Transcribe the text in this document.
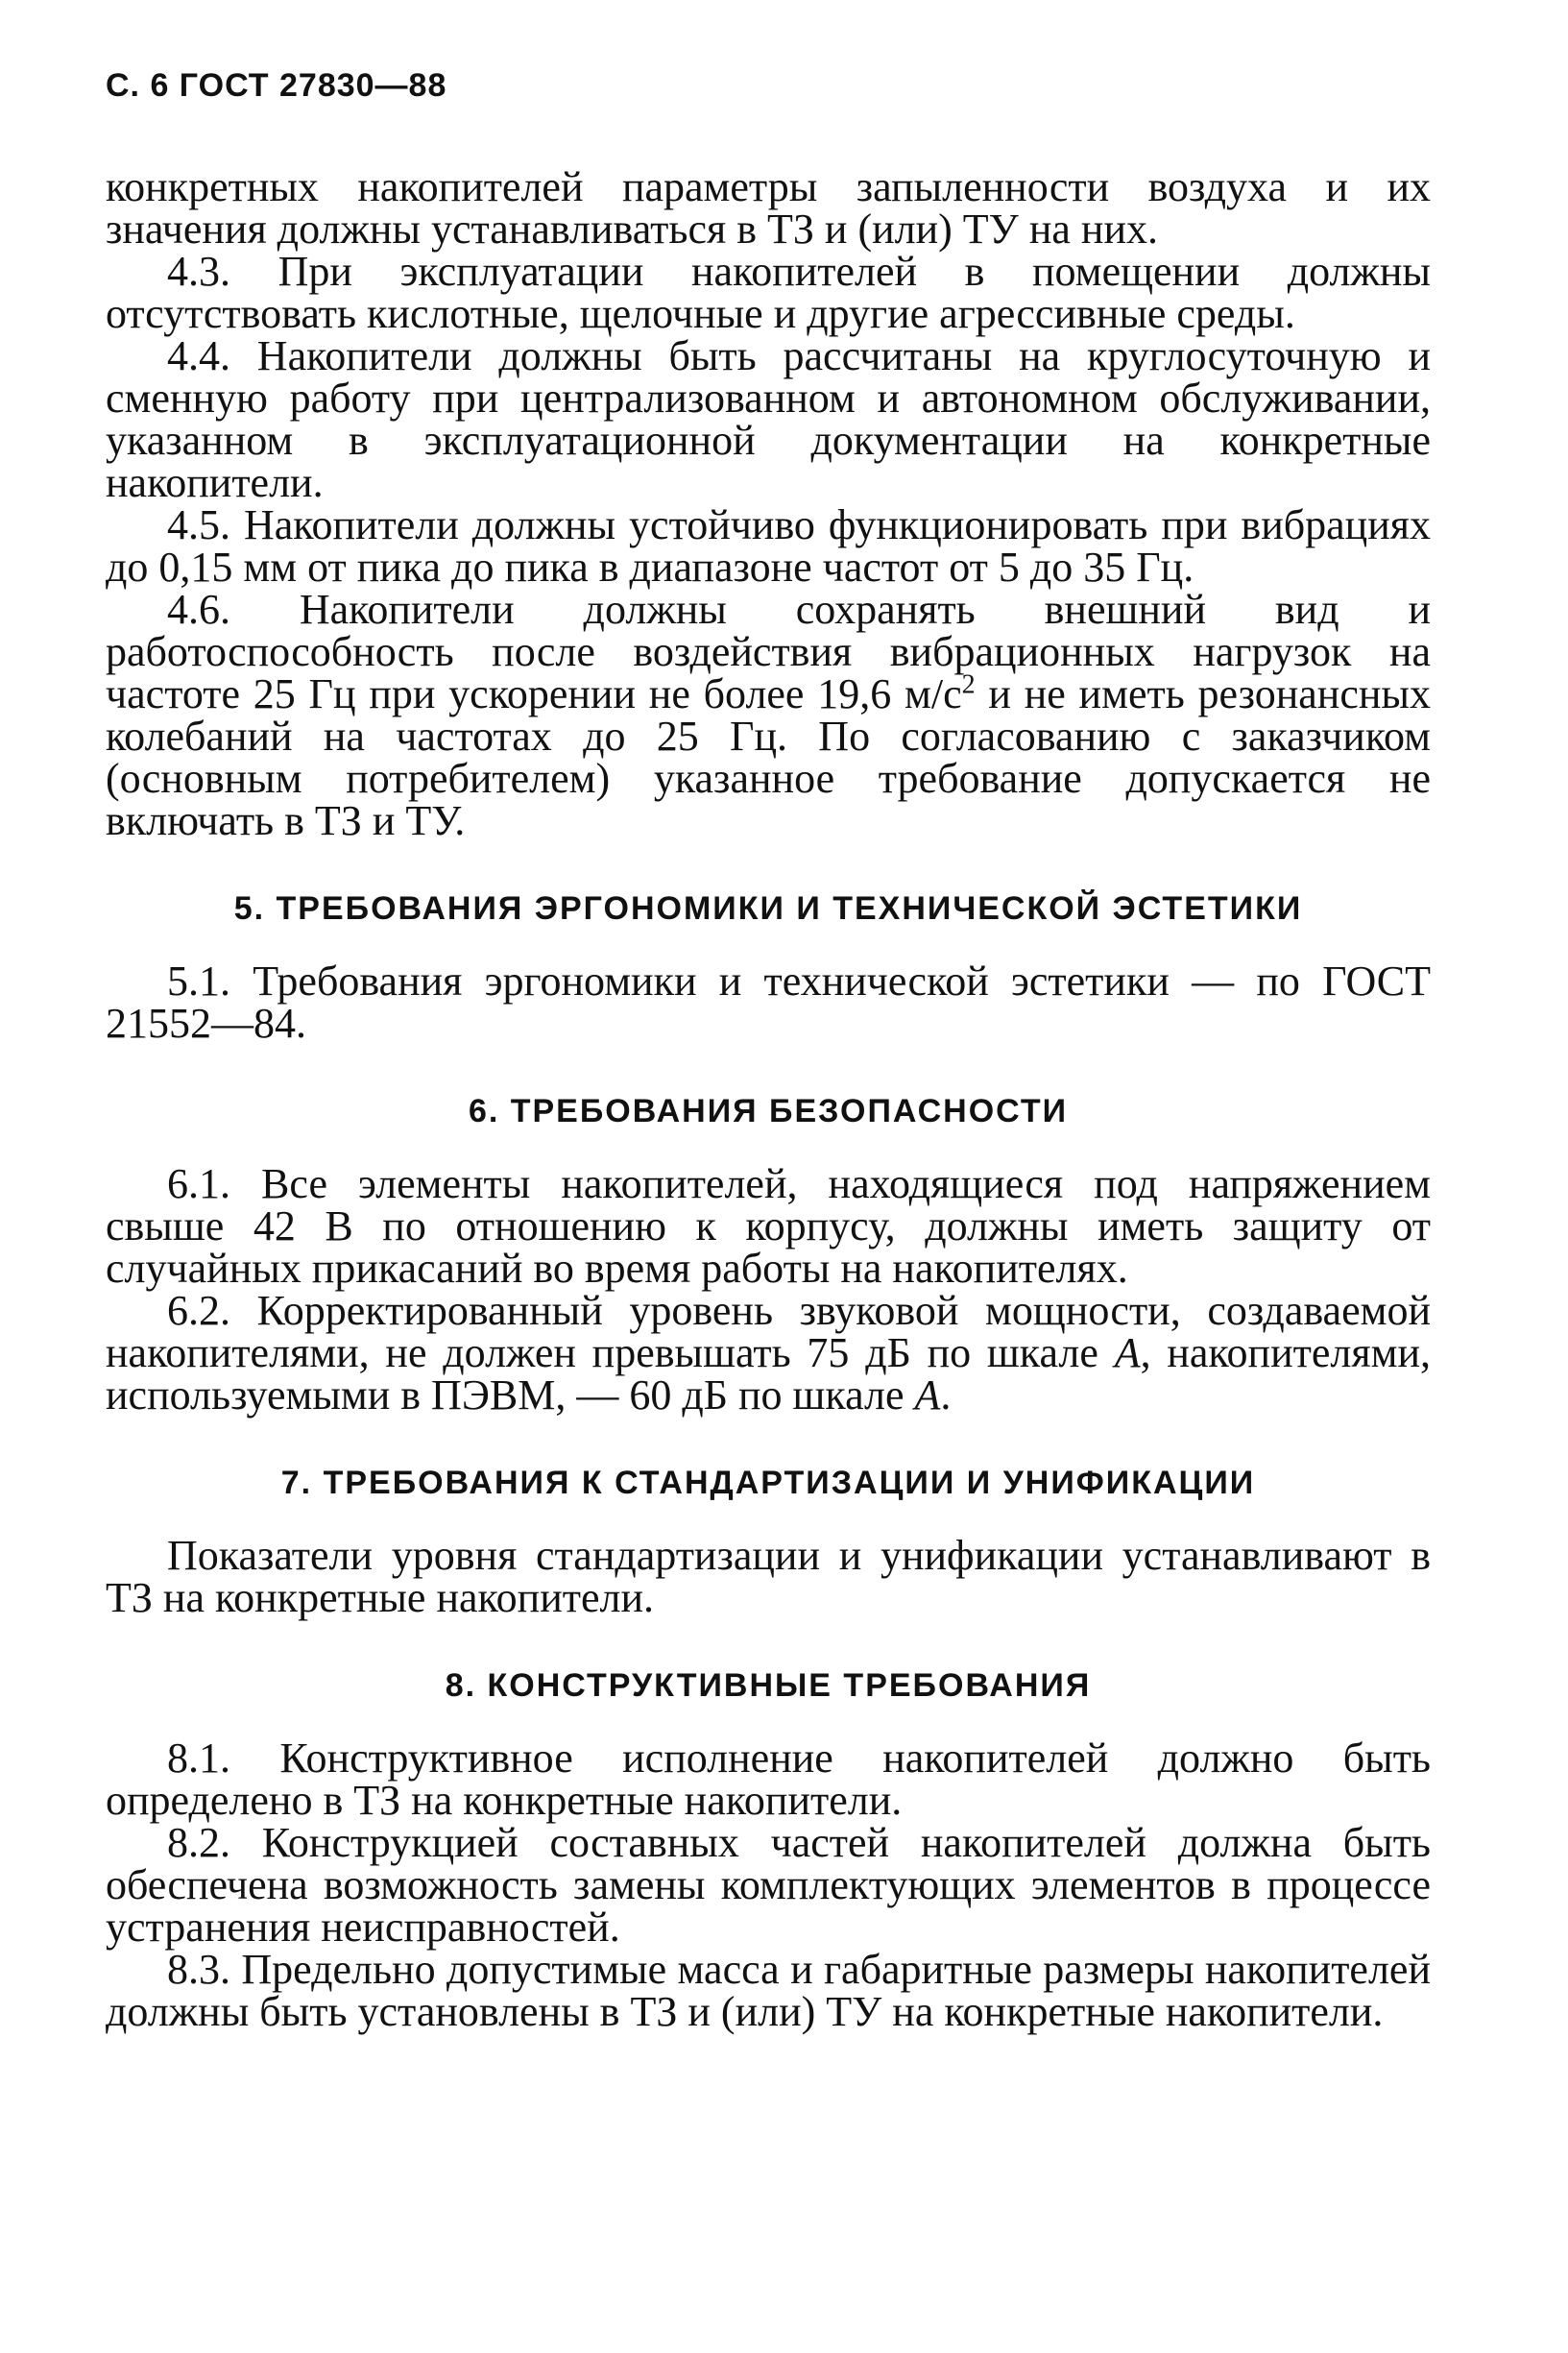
С. 6 ГОСТ 27830—88

конкретных накопителей параметры запыленности воздуха и их значения должны устанавливаться в ТЗ и (или) ТУ на них.

4.3. При эксплуатации накопителей в помещении должны отсутствовать кислотные, щелочные и другие агрессивные среды.

4.4. Накопители должны быть рассчитаны на круглосуточную и сменную работу при централизованном и автономном обслуживании, указанном в эксплуатационной документации на конкретные накопители.

4.5. Накопители должны устойчиво функционировать при вибрациях до 0,15 мм от пика до пика в диапазоне частот от 5 до 35 Гц.

4.6. Накопители должны сохранять внешний вид и работоспособность после воздействия вибрационных нагрузок на частоте 25 Гц при ускорении не более 19,6 $м/с^2$ и не иметь резонансных колебаний на частотах до 25 Гц. По согласованию с заказчиком (основным потребителем) указанное требование допускается не включать в ТЗ и ТУ.

5. ТРЕБОВАНИЯ ЭРГОНОМИКИ И ТЕХНИЧЕСКОЙ ЭСТЕТИКИ

5.1. Требования эргономики и технической эстетики — по ГОСТ 21552—84.

6. ТРЕБОВАНИЯ БЕЗОПАСНОСТИ

6.1. Все элементы накопителей, находящиеся под напряжением свыше 42 В по отношению к корпусу, должны иметь защиту от случайных прикасаний во время работы на накопителях.

6.2. Корректированный уровень звуковой мощности, создаваемой накопителями, не должен превышать 75 дБ по шкале А, накопителями, используемыми в ПЭВМ, — 60 дБ по шкале А.

7. ТРЕБОВАНИЯ К СТАНДАРТИЗАЦИИ И УНИФИКАЦИИ

Показатели уровня стандартизации и унификации устанавливают в ТЗ на конкретные накопители.

8. КОНСТРУКТИВНЫЕ ТРЕБОВАНИЯ

8.1. Конструктивное исполнение накопителей должно быть определено в ТЗ на конкретные накопители.

8.2. Конструкцией составных частей накопителей должна быть обеспечена возможность замены комплектующих элементов в процессе устранения неисправностей.

8.3. Предельно допустимые масса и габаритные размеры накопителей должны быть установлены в ТЗ и (или) ТУ на конкретные накопители.
